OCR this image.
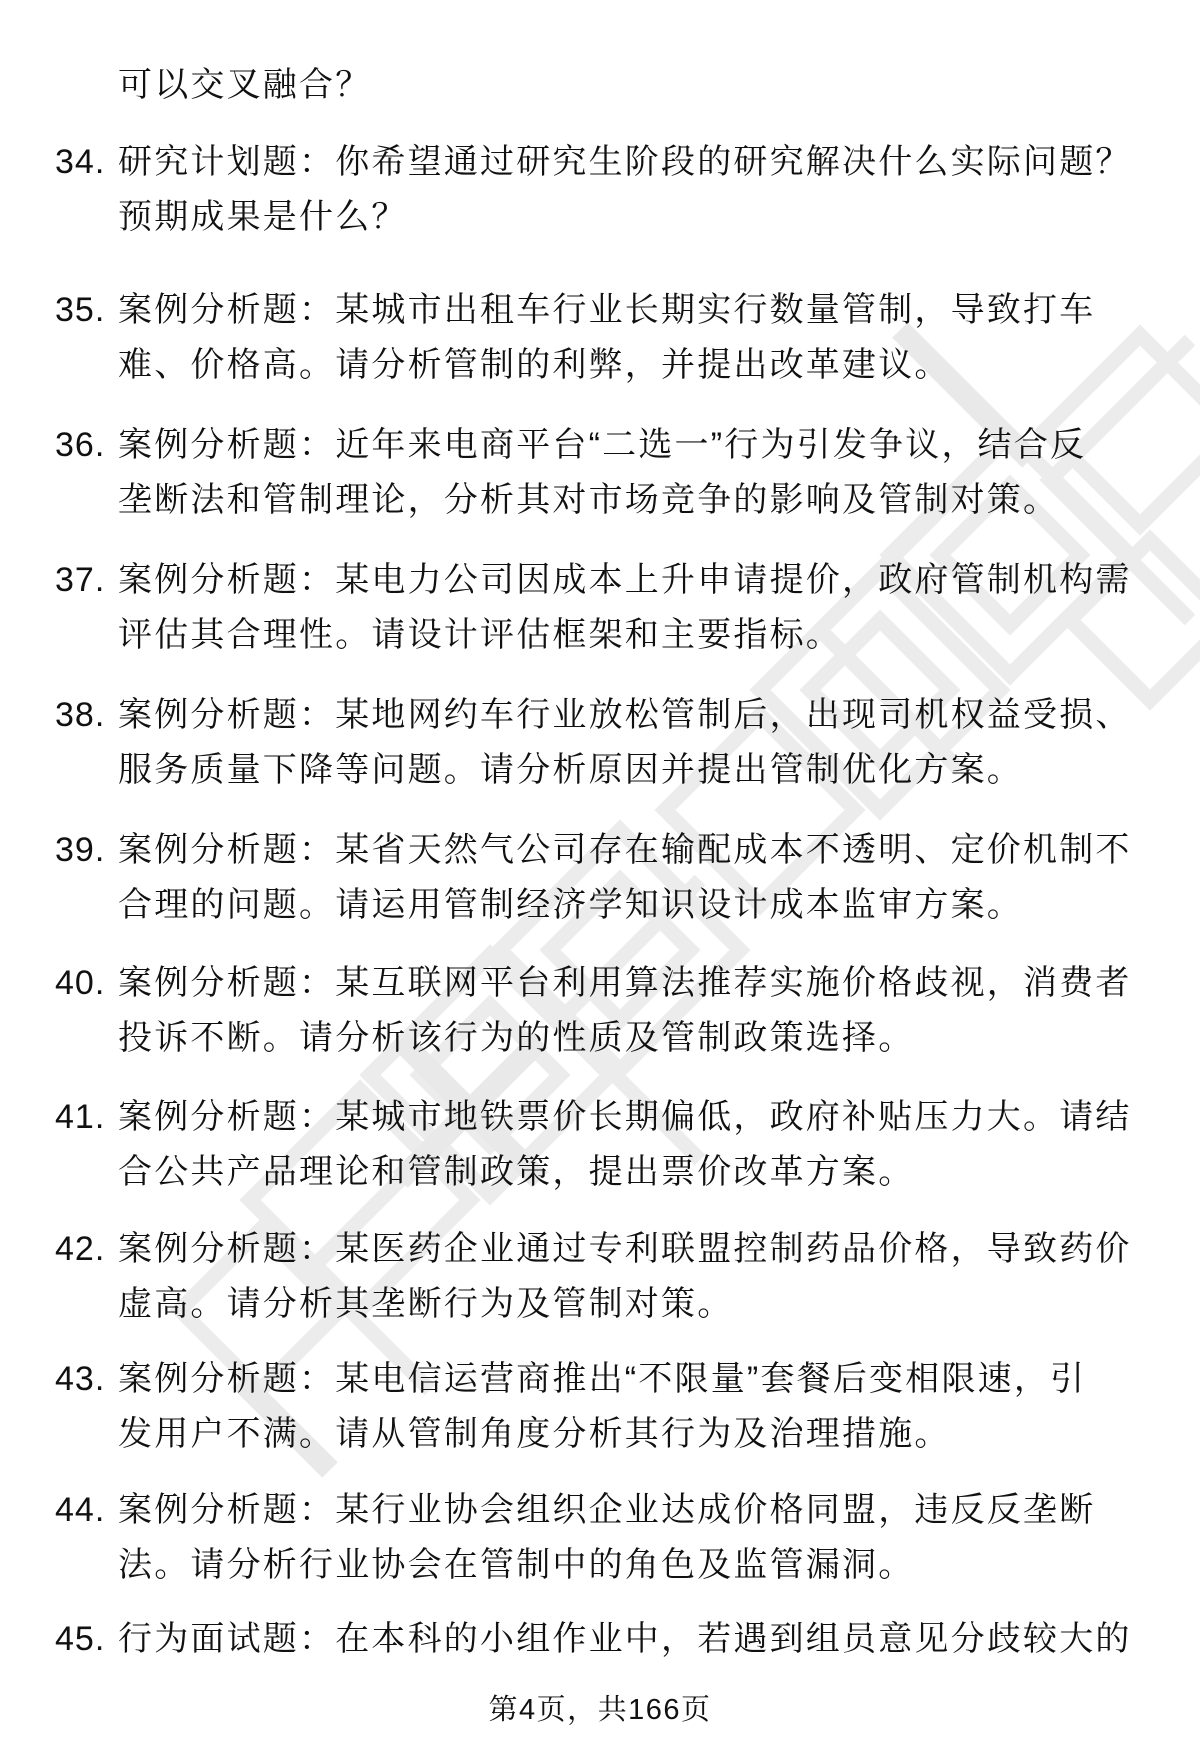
可以交叉融合？
34. 研究计划题：你希望通过研究生阶段的研究解决什么实际问题？
预期成果是什么？
35. 案例分析题：某城市出租车行业长期实行数量管制，导致打车
难、价格高。请分析管制的利弊，并提出改革建议。
36. 案例分析题：近年来电商平台“二选一”行为引发争议，结合反
垄断法和管制理论，分析其对市场竞争的影响及管制对策。
37. 案例分析题：某电力公司因成本上升申请提价，政府管制机构需
评估其合理性。请设计评估框架和主要指标。
38. 案例分析题：某地网约车行业放松管制后，出现司机权益受损、
服务质量下降等问题。请分析原因并提出管制优化方案。
39. 案例分析题：某省天然气公司存在输配成本不透明、定价机制不
合理的问题。请运用管制经济学知识设计成本监审方案。
40. 案例分析题：某互联网平台利用算法推荐实施价格歧视，消费者
投诉不断。请分析该行为的性质及管制政策选择。
41. 案例分析题：某城市地铁票价长期偏低，政府补贴压力大。请结
合公共产品理论和管制政策，提出票价改革方案。
42. 案例分析题：某医药企业通过专利联盟控制药品价格，导致药价
虚高。请分析其垄断行为及管制对策。
43. 案例分析题：某电信运营商推出“不限量”套餐后变相限速，引
发用户不满。请从管制角度分析其行为及治理措施。
44. 案例分析题：某行业协会组织企业达成价格同盟，违反反垄断
法。请分析行业协会在管制中的角色及监管漏洞。
45. 行为面试题：在本科的小组作业中，若遇到组员意见分歧较大的
第4页，共166页
